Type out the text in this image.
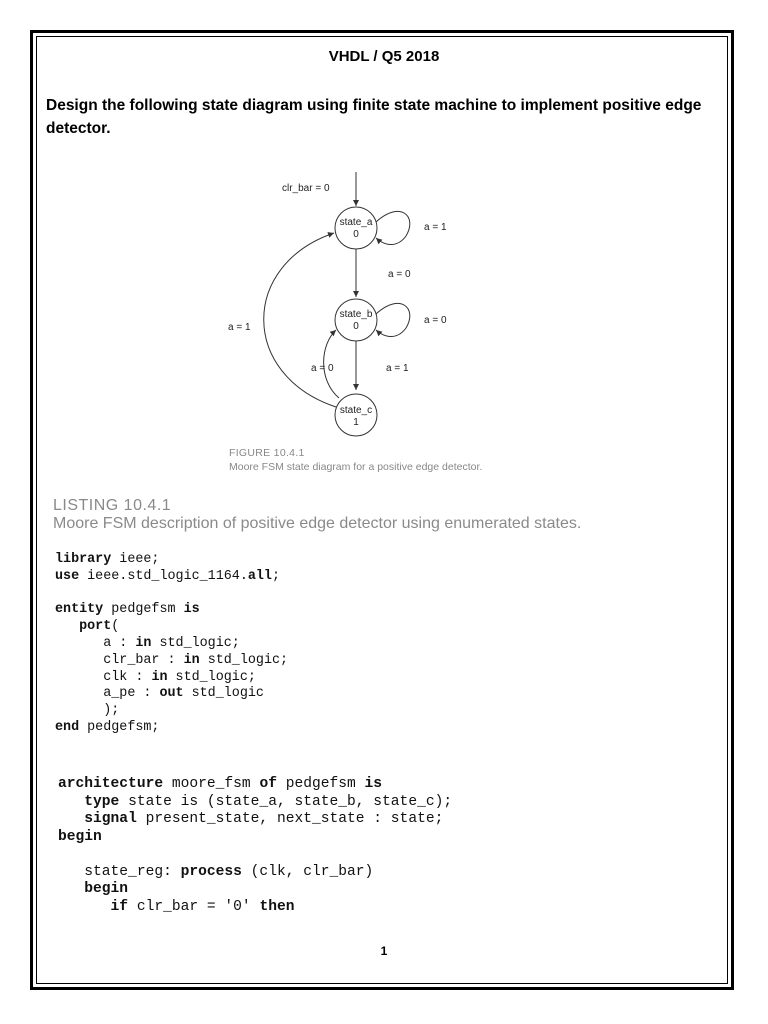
VHDL / Q5 2018
Design the following state diagram using finite state machine to implement positive edge detector.
clr_bar = 0
state_a
0
a = 1
a = 0
state_b
0
a = 0
a = 1
a = 0
state_c
1
a = 1
FIGURE 10.4.1
Moore FSM state diagram for a positive edge detector.
LISTING 10.4.1
Moore FSM description of positive edge detector using enumerated states.
library ieee;
use ieee.std_logic_1164.all;

entity pedgefsm is
port(
a : in std_logic;
clr_bar : in std_logic;
clk : in std_logic;
a_pe : out std_logic
);
end pedgefsm;
architecture moore_fsm of pedgefsm is
type state is (state_a, state_b, state_c);
signal present_state, next_state : state;
begin

state_reg: process (clk, clr_bar)
begin
if clr_bar = '0' then
1
